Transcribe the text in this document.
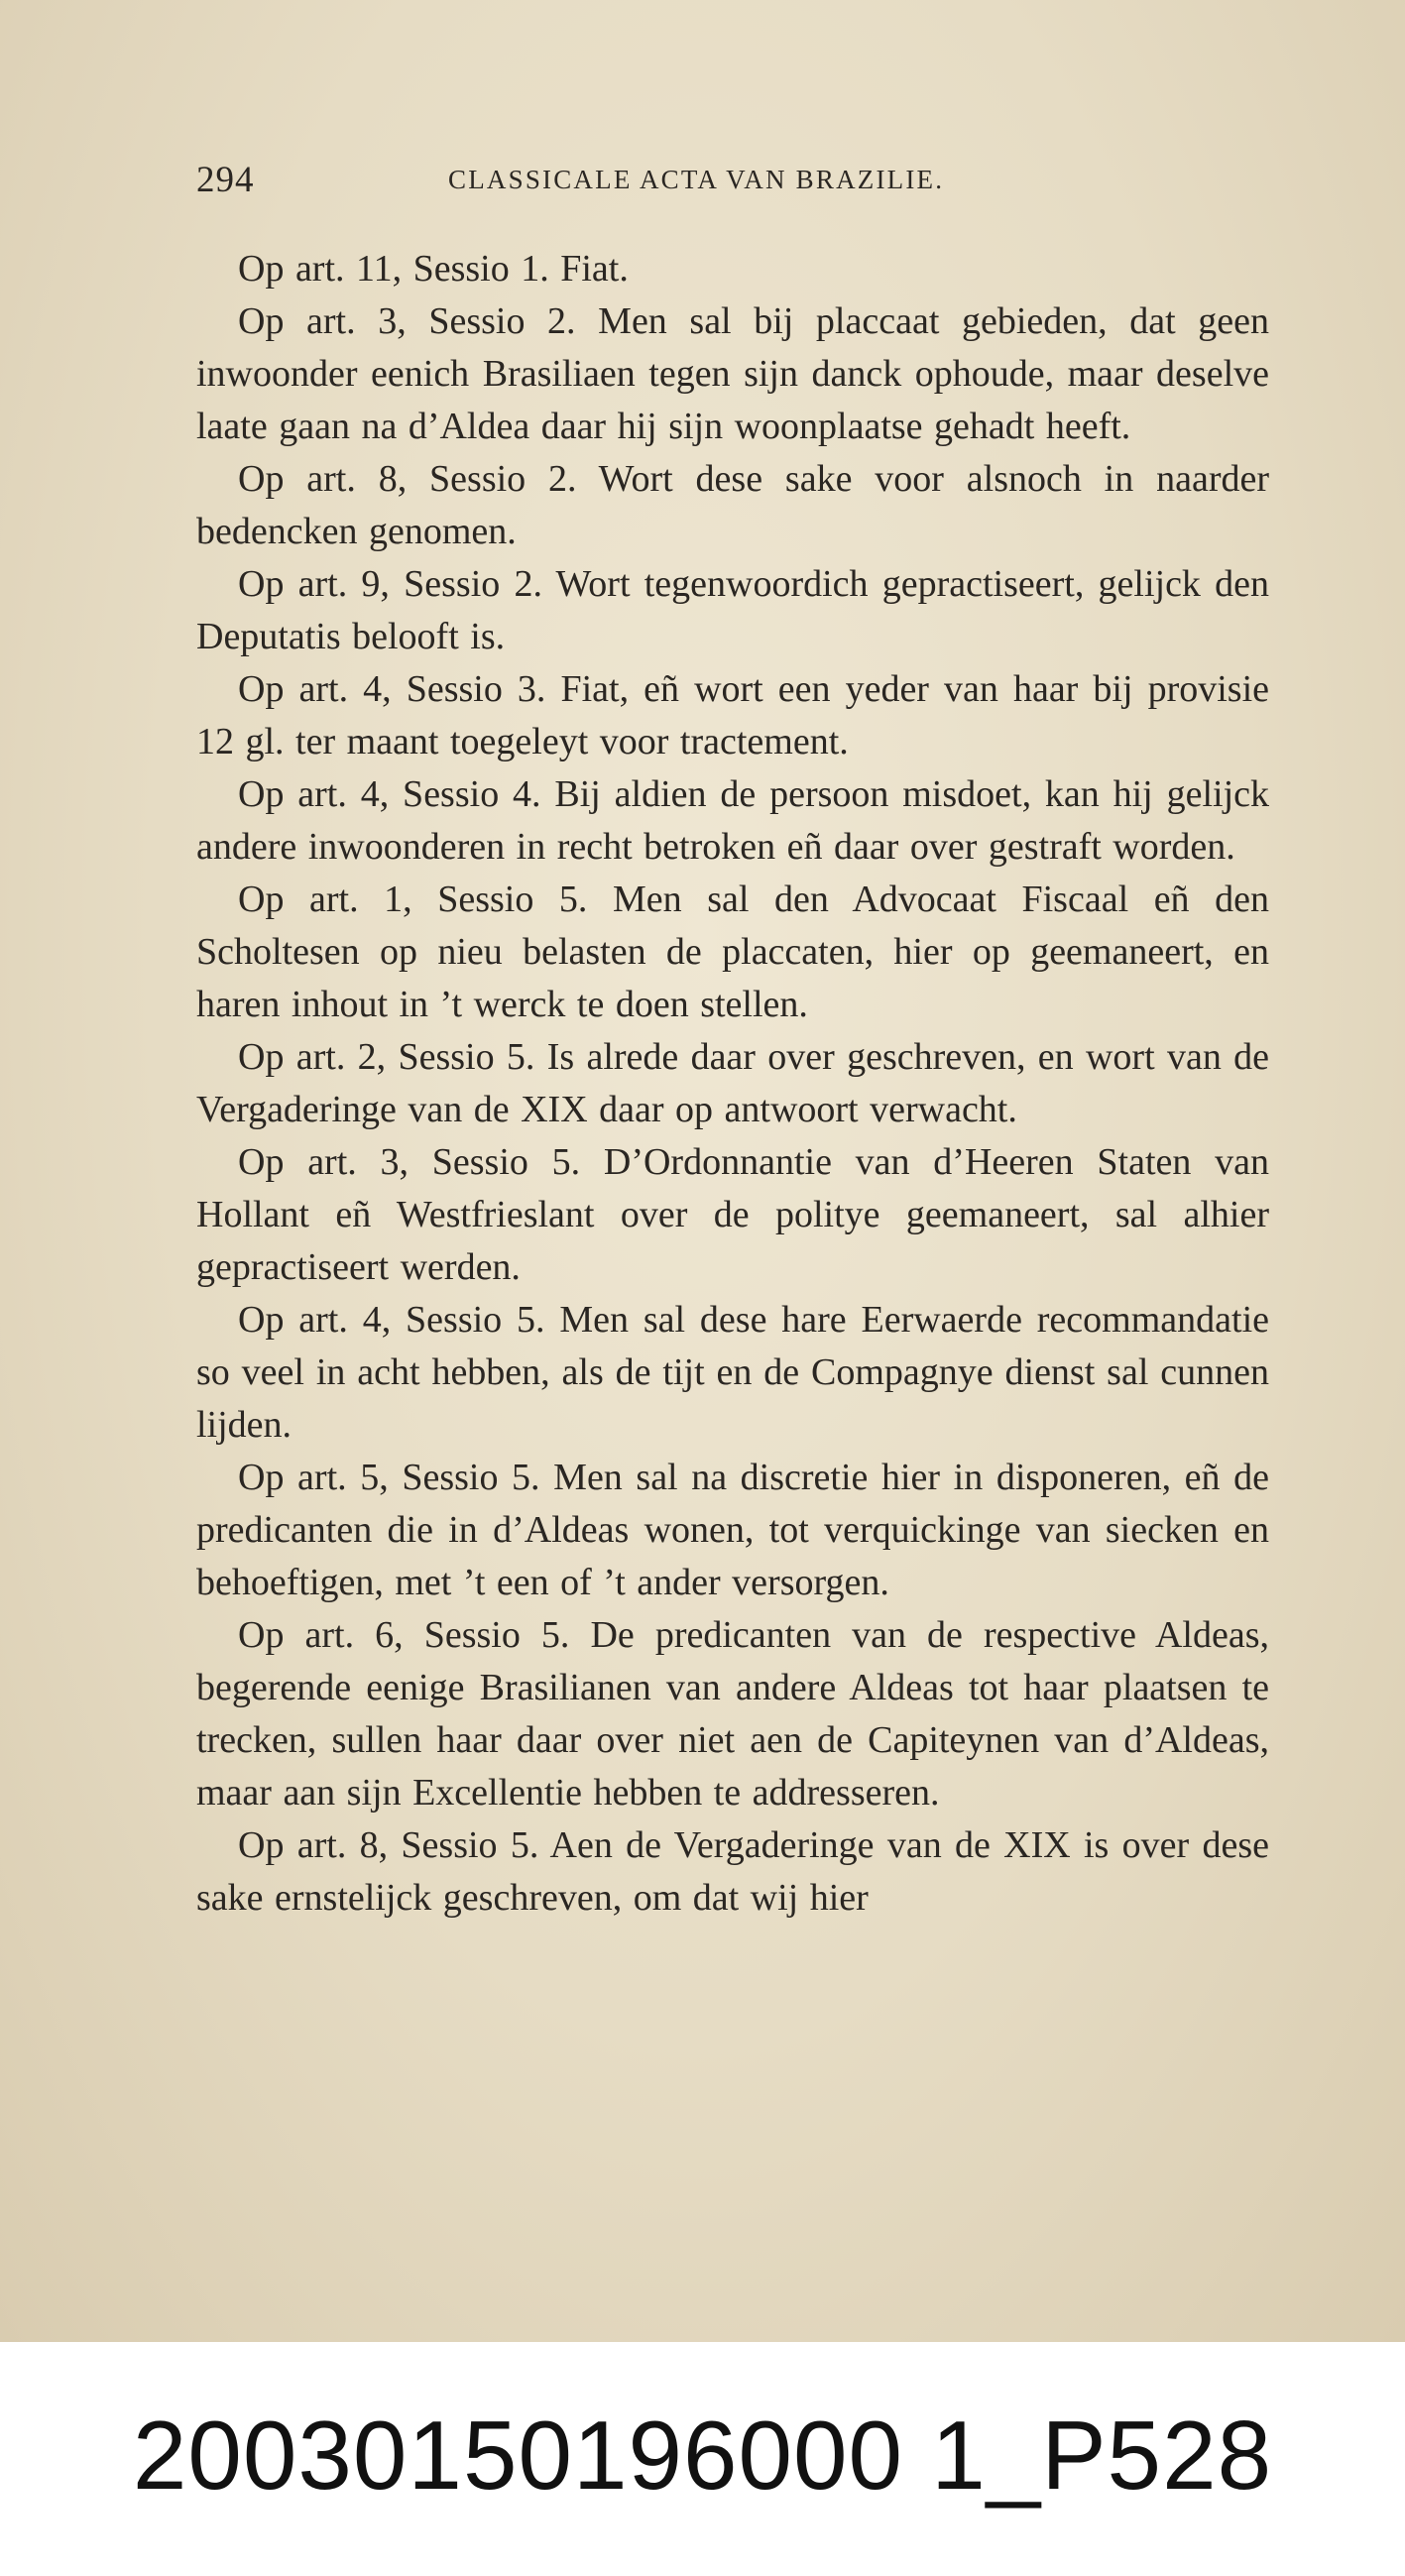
294	CLASSICALE ACTA VAN BRAZILIE.

Op art. 11, Sessio 1. Fiat.

Op art. 3, Sessio 2. Men sal bij placcaat gebieden, dat geen inwoonder eenich Brasiliaen tegen sijn danck ophoude, maar deselve laate gaan na d’Aldea daar hij sijn woonplaatse gehadt heeft.

Op art. 8, Sessio 2. Wort dese sake voor alsnoch in naarder bedencken genomen.

Op art. 9, Sessio 2. Wort tegenwoordich gepractiseert, gelijck den Deputatis belooft is.

Op art. 4, Sessio 3. Fiat, eñ wort een yeder van haar bij provisie 12 gl. ter maant toegeleyt voor tractement.

Op art. 4, Sessio 4. Bij aldien de persoon misdoet, kan hij gelijck andere inwoonderen in recht betroken eñ daar over gestraft worden.

Op art. 1, Sessio 5. Men sal den Advocaat Fiscaal eñ den Scholtesen op nieu belasten de placcaten, hier op geemaneert, en haren inhout in ’t werck te doen stellen.

Op art. 2, Sessio 5. Is alrede daar over geschreven, en wort van de Vergaderinge van de XIX daar op antwoort verwacht.

Op art. 3, Sessio 5. D’Ordonnantie van d’Heeren Staten van Hollant eñ Westfrieslant over de politye geemaneert, sal alhier gepractiseert werden.

Op art. 4, Sessio 5. Men sal dese hare Eerwaerde recommandatie so veel in acht hebben, als de tijt en de Compagnye dienst sal cunnen lijden.

Op art. 5, Sessio 5. Men sal na discretie hier in disponeren, eñ de predicanten die in d’Aldeas wonen, tot verquickinge van siecken en behoeftigen, met ’t een of ’t ander versorgen.

Op art. 6, Sessio 5. De predicanten van de respective Aldeas, begerende eenige Brasilianen van andere Aldeas tot haar plaatsen te trecken, sullen haar daar over niet aen de Capiteynen van d’Aldeas, maar aan sijn Excellentie hebben te addresseren.

Op art. 8, Sessio 5. Aen de Vergaderinge van de XIX is over dese sake ernstelijck geschreven, om dat wij hier

20030150196000 1_P528
